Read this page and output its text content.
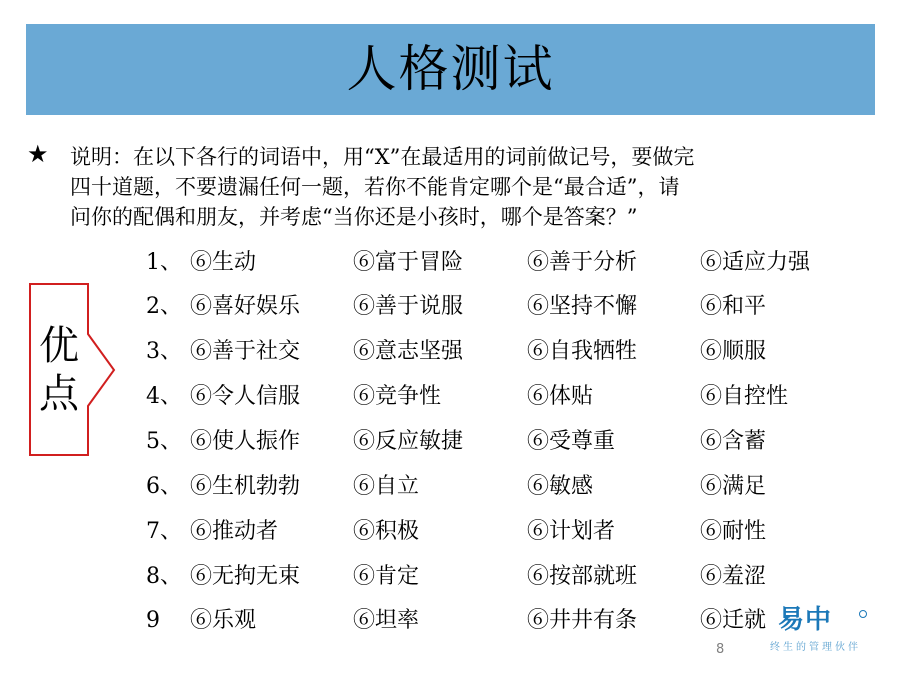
人格测试
★ 说明：在以下各行的词语中，用“X”在最适用的词前做记号，要做完
四十道题，不要遗漏任何一题，若你不能肯定哪个是“最合适”，请
问你的配偶和朋友，并考虑“当你还是小孩时，哪个是答案？”
优
点
1、 ⑥生动	⑥富于冒险	⑥善于分析	⑥适应力强
2、 ⑥喜好娱乐 ⑥善于说服	⑥坚持不懈	⑥和平
3、 ⑥善于社交 ⑥意志坚强	⑥自我牺牲	⑥顺服
4、 ⑥令人信服 ⑥竞争性	⑥体贴	⑥自控性
5、 ⑥使人振作 ⑥反应敏捷	⑥受尊重	⑥含蓄
6、 ⑥生机勃勃 ⑥自立	⑥敏感	⑥满足
7、 ⑥推动者	⑥积极	⑥计划者	⑥耐性
8、 ⑥无拘无束 ⑥肯定	⑥按部就班	⑥羞涩
9 ⑥乐观	⑥坦率	⑥井井有条	⑥迁就 易中
终生的管理伙伴
8
